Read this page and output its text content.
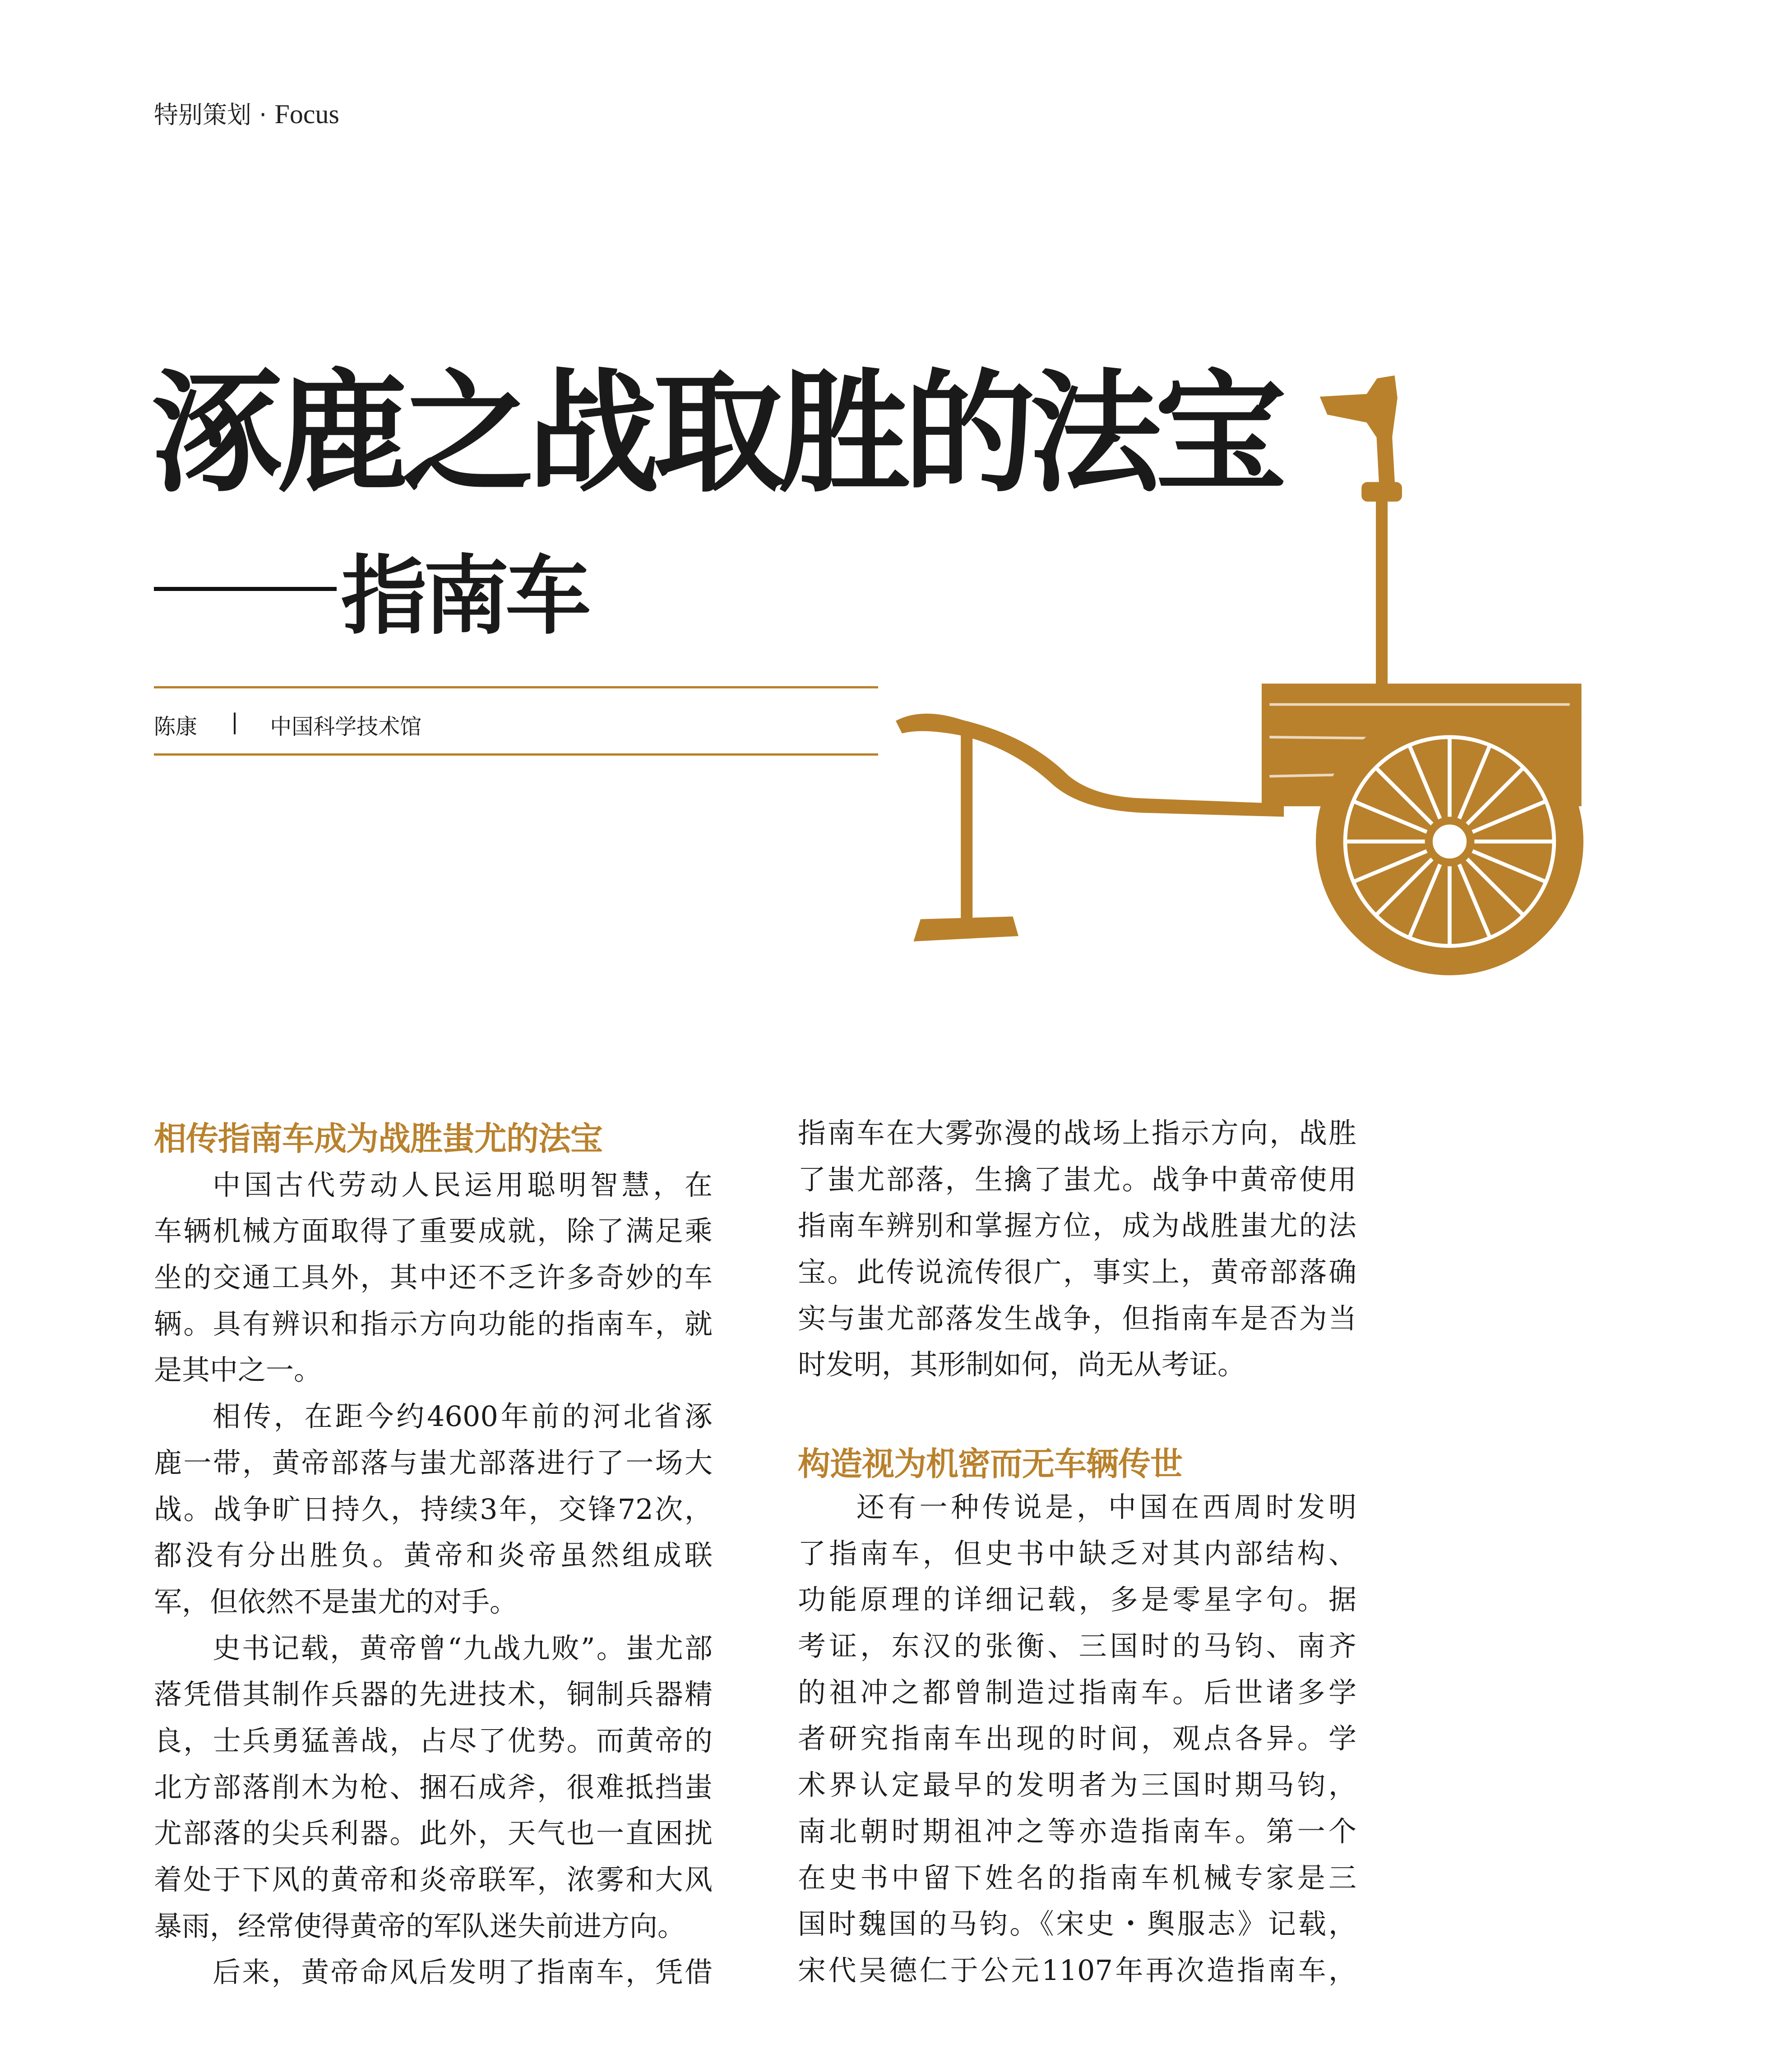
特别策划 · Focus
涿鹿之战取胜的法宝
指南车
陈康 | 中国科学技术馆
相传指南车成为战胜蚩尤的法宝
中国古代劳动人民运用聪明智慧，在
车辆机械方面取得了重要成就，除了满足乘
坐的交通工具外，其中还不乏许多奇妙的车
辆。具有辨识和指示方向功能的指南车，就
是其中之一。
相传，在距今约4600年前的河北省涿
鹿一带，黄帝部落与蚩尤部落进行了一场大
战。战争旷日持久，持续3年，交锋72次，
都没有分出胜负。黄帝和炎帝虽然组成联
军，但依然不是蚩尤的对手。
史书记载，黄帝曾“九战九败”。蚩尤部
落凭借其制作兵器的先进技术，铜制兵器精
良，士兵勇猛善战，占尽了优势。而黄帝的
北方部落削木为枪、捆石成斧，很难抵挡蚩
尤部落的尖兵利器。此外，天气也一直困扰
着处于下风的黄帝和炎帝联军，浓雾和大风
暴雨，经常使得黄帝的军队迷失前进方向。
后来，黄帝命风后发明了指南车，凭借
指南车在大雾弥漫的战场上指示方向，战胜
了蚩尤部落，生擒了蚩尤。战争中黄帝使用
指南车辨别和掌握方位，成为战胜蚩尤的法
宝。此传说流传很广，事实上，黄帝部落确
实与蚩尤部落发生战争，但指南车是否为当
时发明，其形制如何，尚无从考证。
构造视为机密而无车辆传世
还有一种传说是，中国在西周时发明
了指南车，但史书中缺乏对其内部结构、
功能原理的详细记载，多是零星字句。据
考证，东汉的张衡、三国时的马钧、南齐
的祖冲之都曾制造过指南车。后世诸多学
者研究指南车出现的时间，观点各异。学
术界认定最早的发明者为三国时期马钧，
南北朝时期祖冲之等亦造指南车。第一个
在史书中留下姓名的指南车机械专家是三
国时魏国的马钧。《宋史・舆服志》记载，
宋代吴德仁于公元1107年再次造指南车，
